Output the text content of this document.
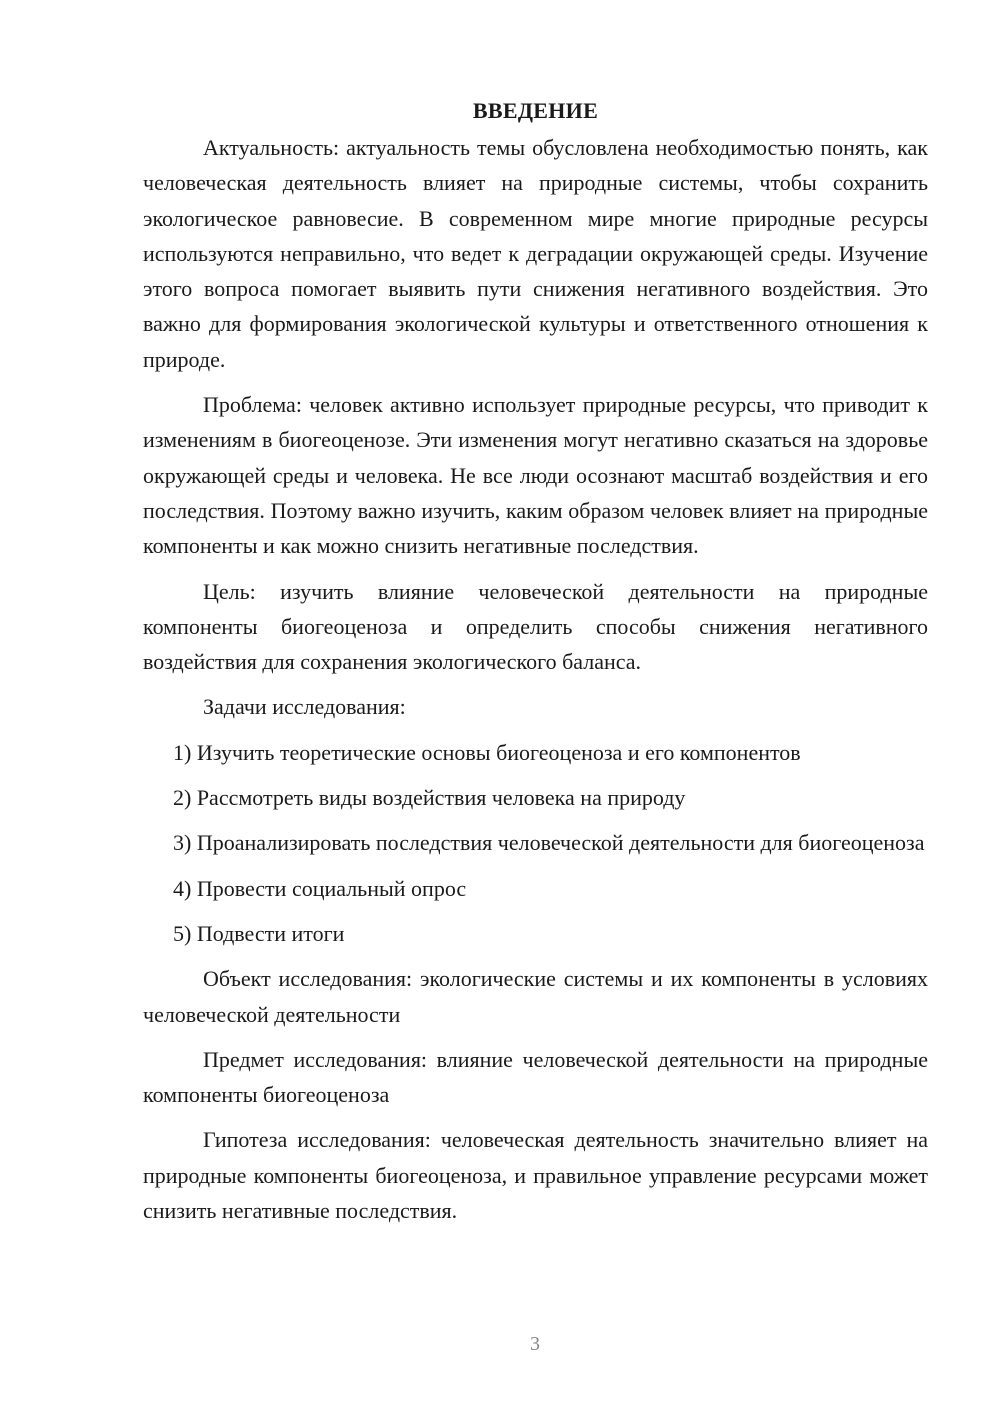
ВВЕДЕНИЕ

Актуальность: актуальность темы обусловлена необходимостью понять, как человеческая деятельность влияет на природные системы, чтобы сохранить экологическое равновесие. В современном мире многие природные ресурсы используются неправильно, что ведет к деградации окружающей среды. Изучение этого вопроса помогает выявить пути снижения негативного воздействия. Это важно для формирования экологической культуры и ответственного отношения к природе.

Проблема: человек активно использует природные ресурсы, что приводит к изменениям в биогеоценозе. Эти изменения могут негативно сказаться на здоровье окружающей среды и человека. Не все люди осознают масштаб воздействия и его последствия. Поэтому важно изучить, каким образом человек влияет на природные компоненты и как можно снизить негативные последствия.

Цель: изучить влияние человеческой деятельности на природные компоненты биогеоценоза и определить способы снижения негативного воздействия для сохранения экологического баланса.

Задачи исследования:

1) Изучить теоретические основы биогеоценоза и его компонентов

2) Рассмотреть виды воздействия человека на природу

3) Проанализировать последствия человеческой деятельности для биогеоценоза

4) Провести социальный опрос

5) Подвести итоги

Объект исследования: экологические системы и их компоненты в условиях человеческой деятельности

Предмет исследования: влияние человеческой деятельности на природные компоненты биогеоценоза

Гипотеза исследования: человеческая деятельность значительно влияет на природные компоненты биогеоценоза, и правильное управление ресурсами может снизить негативные последствия.

3
